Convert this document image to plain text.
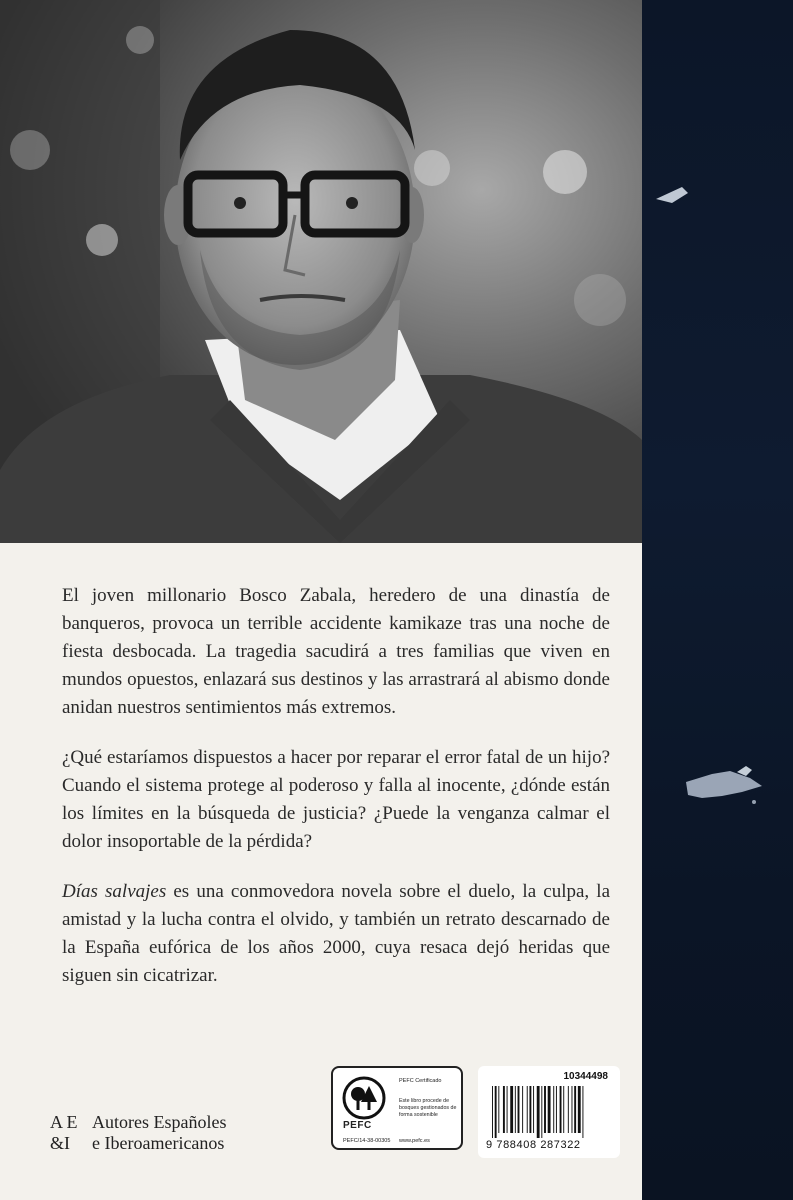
El joven millonario Bosco Zabala, heredero de una dinastía de banqueros, provoca un terrible accidente kamikaze tras una noche de fiesta desbocada. La tragedia sacudirá a tres familias que viven en mundos opuestos, enlazará sus destinos y las arrastrará al abismo donde anidan nuestros sentimientos más extremos.

¿Qué estaríamos dispuestos a hacer por reparar el error fatal de un hijo? Cuando el sistema protege al poderoso y falla al inocente, ¿dónde están los límites en la búsqueda de justicia? ¿Puede la venganza calmar el dolor insoportable de la pérdida?

Días salvajes es una conmovedora novela sobre el duelo, la culpa, la amistad y la lucha contra el olvido, y también un retrato descarnado de la España eufórica de los años 2000, cuya resaca dejó heridas que siguen sin cicatrizar.

A E
&I
Autores Españoles
e Iberoamericanos
PEFC
PEFC/14-38-00305
PEFC Certificado
Este libro procede de bosques gestionados de forma sostenible
www.pefc.es
10344498
9 788408 287322
